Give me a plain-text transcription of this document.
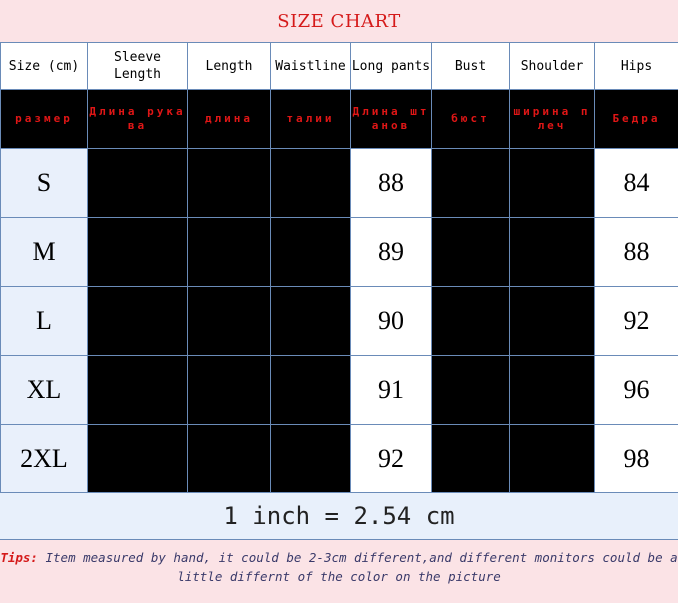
SIZE CHART
Size (cm)	Sleeve Length	Length	Waistline	Long pants	Bust	Shoulder	Hips
размер	Длина рукава	длина	талии	Длина штанов	бюст	ширина плеч	Бедра
S				88			84
M				89			88
L				90			92
XL				91			96
2XL				92			98
1 inch = 2.54 cm
Tips: Item measured by hand, it could be 2-3cm different,and different monitors could be a little differnt of the color on the picture
